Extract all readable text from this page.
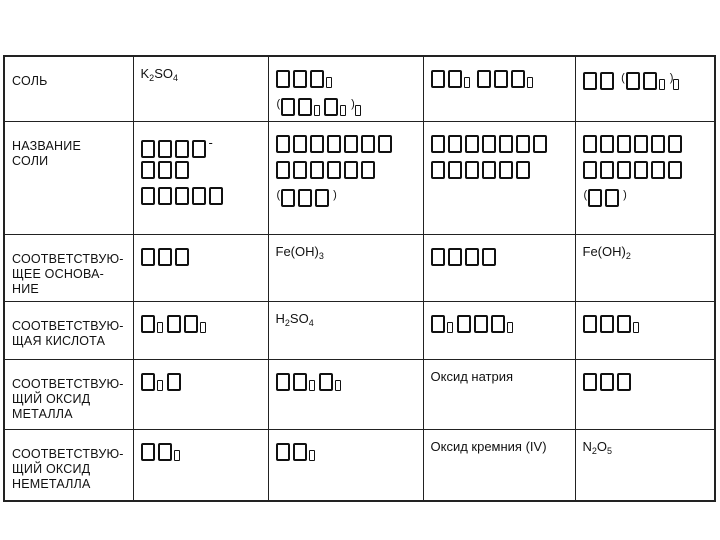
СОЛЬ	$K_2SO_4$	( )		( )

НАЗВАНИЕ
СОЛИ	-	( )		( )

СООТВЕТСТВУЮ-
ЩЕЕ ОСНОВА-
НИЕ		$Fe(OH)_3$		$Fe(OH)_2$

СООТВЕТСТВУЮ-
ЩАЯ КИСЛОТА		$H_2SO_4$

СООТВЕТСТВУЮ-
ЩИЙ ОКСИД
МЕТАЛЛА			Оксид натрия	

СООТВЕТСТВУЮ-
ЩИЙ ОКСИД
НЕМЕТАЛЛА			Оксид кремния (IV)	$N_2O_5$
